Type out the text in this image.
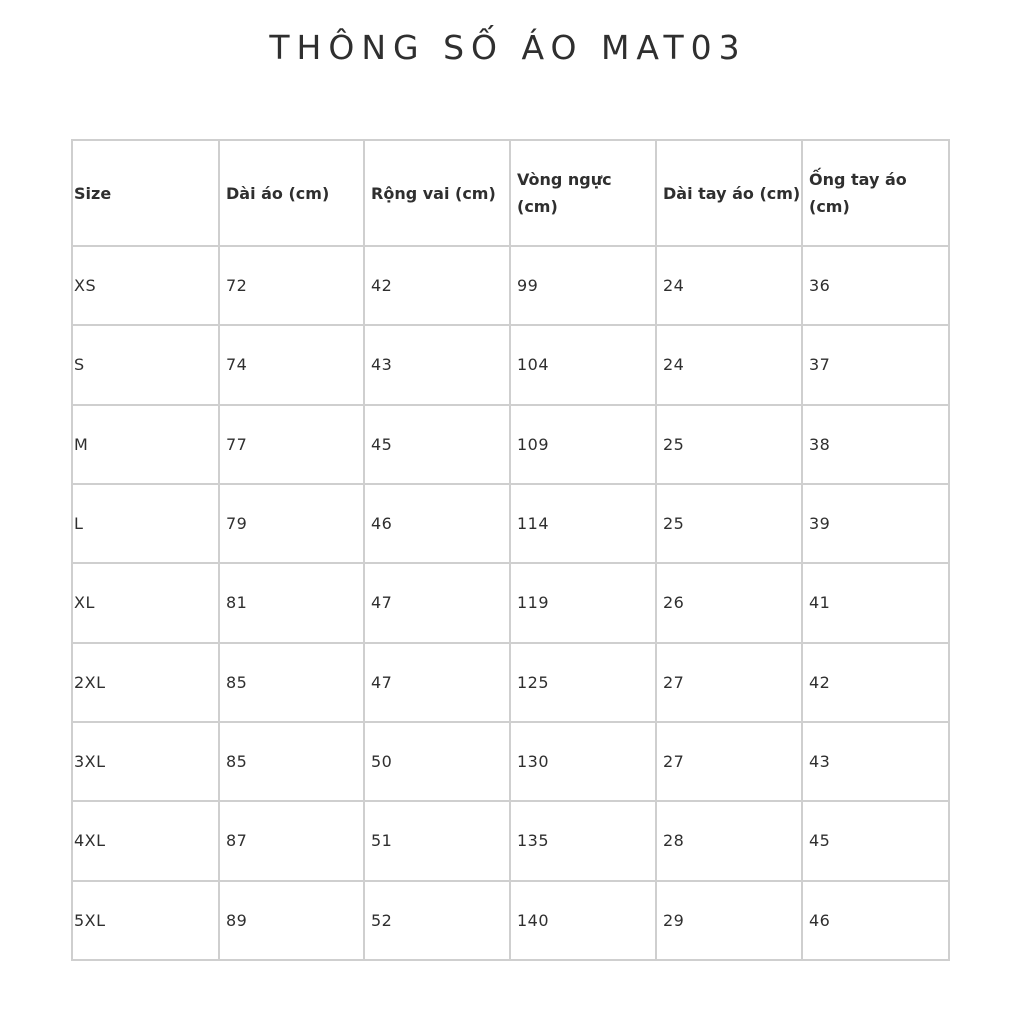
THÔNG SỐ ÁO MAT03
Size	Dài áo (cm)	Rộng vai (cm)	Vòng ngực (cm)	Dài tay áo (cm)	Ống tay áo (cm)
XS	72	42	99	24	36
S	74	43	104	24	37
M	77	45	109	25	38
L	79	46	114	25	39
XL	81	47	119	26	41
2XL	85	47	125	27	42
3XL	85	50	130	27	43
4XL	87	51	135	28	45
5XL	89	52	140	29	46
